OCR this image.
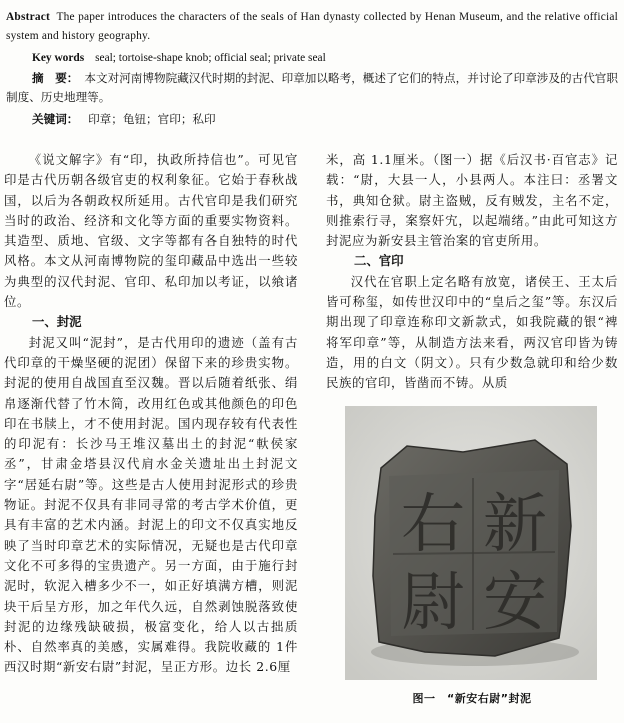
Abstract The paper introduces the characters of the seals of Han dynasty collected by Henan Museum, and the relative official system and history geography.
Key words seal; tortoise-shape knob; official seal; private seal
摘　要： 本文对河南博物院藏汉代时期的封泥、印章加以略考，概述了它们的特点，并讨论了印章涉及的古代官职制度、历史地理等。
关键词： 印章；龟钮；官印；私印

《说文解字》有“印，执政所持信也”。可见官印是古代历朝各级官吏的权利象征。它始于春秋战国，以后为各朝政权所延用。古代官印是我们研究当时的政治、经济和文化等方面的重要实物资料。其造型、质地、官级、文字等都有各自独特的时代风格。本文从河南博物院的玺印藏品中选出一些较为典型的汉代封泥、官印、私印加以考证，以飨诸位。

一、封泥

封泥又叫“泥封”，是古代用印的遗迹（盖有古代印章的干燥坚硬的泥团）保留下来的珍贵实物。封泥的使用自战国直至汉魏。晋以后随着纸张、绢帛逐渐代替了竹木简，改用红色或其他颜色的印色印在书牍上，才不使用封泥。国内现存较有代表性的印泥有：长沙马王堆汉墓出土的封泥“軑侯家丞”，甘肃金塔县汉代肩水金关遗址出土封泥文字“居延右尉”等。这些是古人使用封泥形式的珍贵物证。封泥不仅具有非同寻常的考古学术价值，更具有丰富的艺术内涵。封泥上的印文不仅真实地反映了当时印章艺术的实际情况，无疑也是古代印章文化不可多得的宝贵遗产。另一方面，由于施行封泥时，软泥入槽多少不一，如正好填满方槽，则泥块干后呈方形，加之年代久远，自然剥蚀脱落致使封泥的边缘残缺破损，极富变化，给人以古拙质朴、自然率真的美感，实属难得。我院收藏的 1件西汉时期“新安右尉”封泥，呈正方形。边长 2.6厘

米，高 1.1厘米。（图一）据《后汉书·百官志》记载：“尉，大县一人，小县两人。本注曰：丞署文书，典知仓狱。尉主盗贼，反有贼发，主名不定，则推索行寻，案察奸宄，以起端绪。”由此可知这方封泥应为新安县主管治案的官吏所用。

二、官印

汉代在官职上定名略有放宽，诸侯王、王太后皆可称玺，如传世汉印中的“皇后之玺”等。东汉后期出现了印章连称印文新款式，如我院藏的银“裨将军印章”等，从制造方法来看，两汉官印皆为铸造，用的白文（阴文）。只有少数急就印和给少数民族的官印，皆凿而不铸。从质

新
安
右
尉
图一　“新安右尉”封泥
